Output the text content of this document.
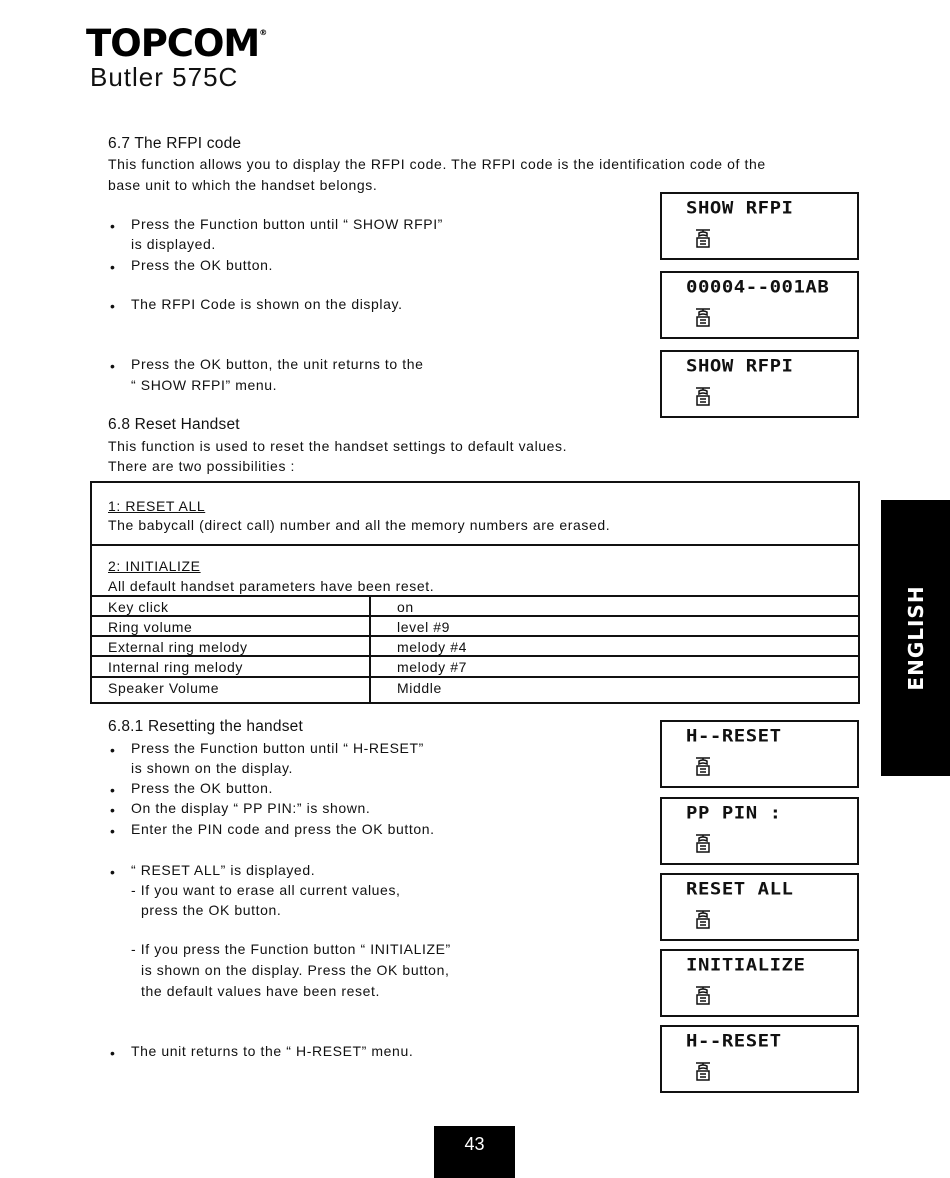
TOPCOM®
Butler 575C
6.7 The RFPI code
This function allows you to display the RFPI code. The RFPI code is the identification code of the
base unit to which the handset belongs.
• Press the Function button until “ SHOW RFPI”
is displayed.
• Press the OK button.
• The RFPI Code is shown on the display.
• Press the OK button, the unit returns to the
“ SHOW RFPI” menu.
6.8 Reset Handset
This function is used to reset the handset settings to default values.
There are two possibilities :
1: RESET ALL
The babycall (direct call) number and all the memory numbers are erased.
2: INITIALIZE
All default handset parameters have been reset.
Key click	on
Ring volume	level #9
External ring melody	melody #4
Internal ring melody	melody #7
Speaker Volume	Middle
6.8.1 Resetting the handset
• Press the Function button until “ H-RESET”
is shown on the display.
• Press the OK button.
• On the display “ PP PIN:” is shown.
• Enter the PIN code and press the OK button.
• “ RESET ALL” is displayed.
- If you want to erase all current values,
press the OK button.
- If you press the Function button “ INITIALIZE”
is shown on the display. Press the OK button,
the default values have been reset.
• The unit returns to the “ H-RESET” menu.
SHOW RFPI
00004--001AB
SHOW RFPI
H--RESET
PP PIN :
RESET ALL
INITIALIZE
H--RESET
ENGLISH
43
